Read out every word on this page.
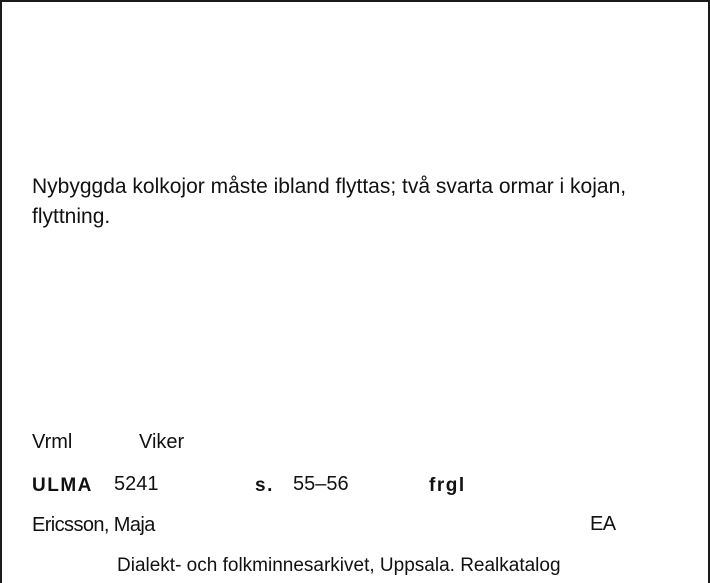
Nybyggda kolkojor måste ibland flyttas; två svarta ormar i kojan, flyttning.
Vrml	Viker
ULMA 5241	s. 55–56	frgl
Ericsson, Maja	EA
Dialekt- och folkminnesarkivet, Uppsala. Realkatalog
